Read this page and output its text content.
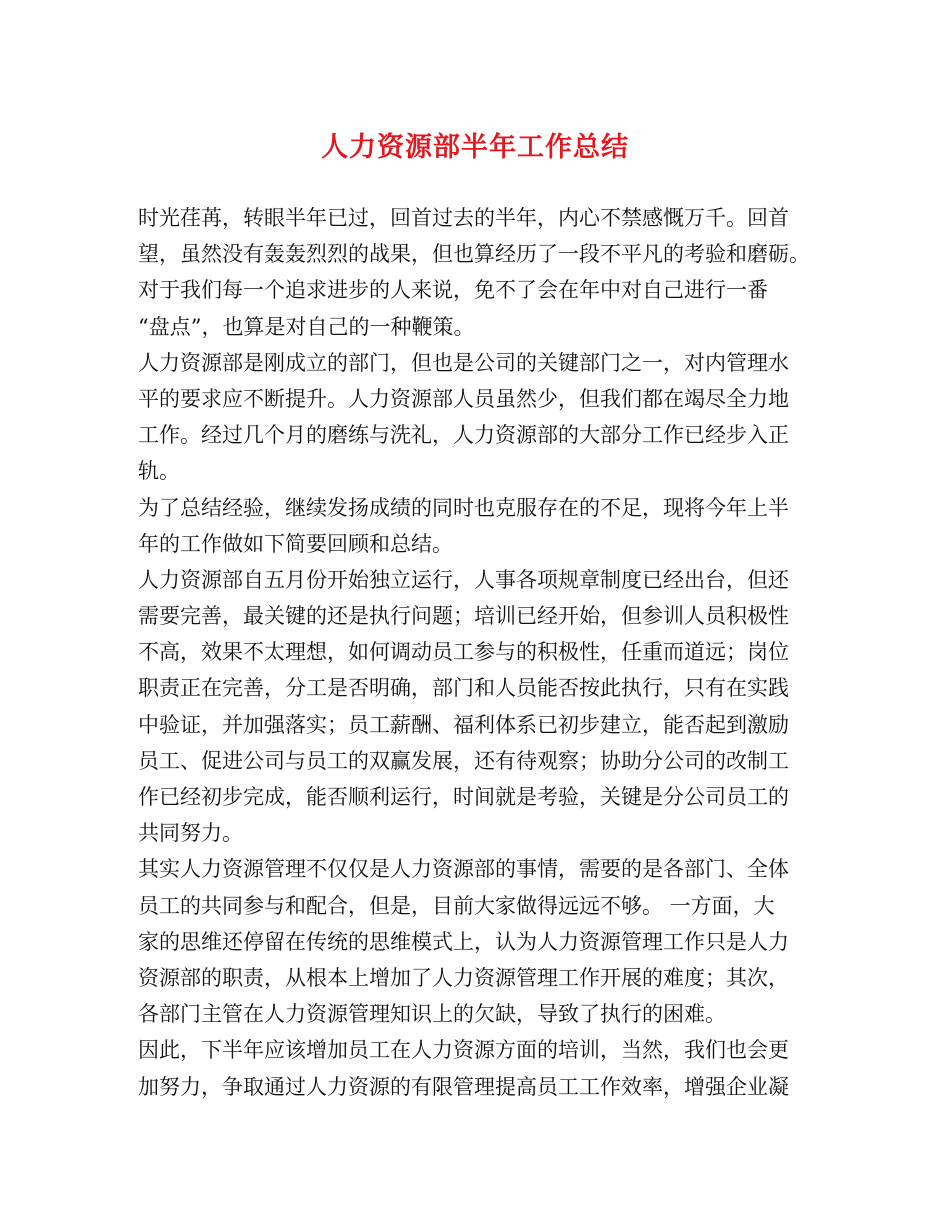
人力资源部半年工作总结
时光荏苒，转眼半年已过，回首过去的半年，内心不禁感慨万千。回首
望，虽然没有轰轰烈烈的战果，但也算经历了一段不平凡的考验和磨砺。
对于我们每一个追求进步的人来说，免不了会在年中对自己进行一番
“盘点”，也算是对自己的一种鞭策。
人力资源部是刚成立的部门，但也是公司的关键部门之一，对内管理水
平的要求应不断提升。人力资源部人员虽然少，但我们都在竭尽全力地
工作。经过几个月的磨练与洗礼，人力资源部的大部分工作已经步入正
轨。
为了总结经验，继续发扬成绩的同时也克服存在的不足，现将今年上半
年的工作做如下简要回顾和总结。
人力资源部自五月份开始独立运行，人事各项规章制度已经出台，但还
需要完善，最关键的还是执行问题；培训已经开始，但参训人员积极性
不高，效果不太理想，如何调动员工参与的积极性，任重而道远；岗位
职责正在完善，分工是否明确，部门和人员能否按此执行，只有在实践
中验证，并加强落实；员工薪酬、福利体系已初步建立，能否起到激励
员工、促进公司与员工的双赢发展，还有待观察；协助分公司的改制工
作已经初步完成，能否顺利运行，时间就是考验，关键是分公司员工的
共同努力。
其实人力资源管理不仅仅是人力资源部的事情，需要的是各部门、全体
员工的共同参与和配合，但是，目前大家做得远远不够。 一方面，大
家的思维还停留在传统的思维模式上，认为人力资源管理工作只是人力
资源部的职责，从根本上增加了人力资源管理工作开展的难度；其次，
各部门主管在人力资源管理知识上的欠缺，导致了执行的困难。
因此，下半年应该增加员工在人力资源方面的培训，当然，我们也会更
加努力，争取通过人力资源的有限管理提高员工工作效率，增强企业凝
